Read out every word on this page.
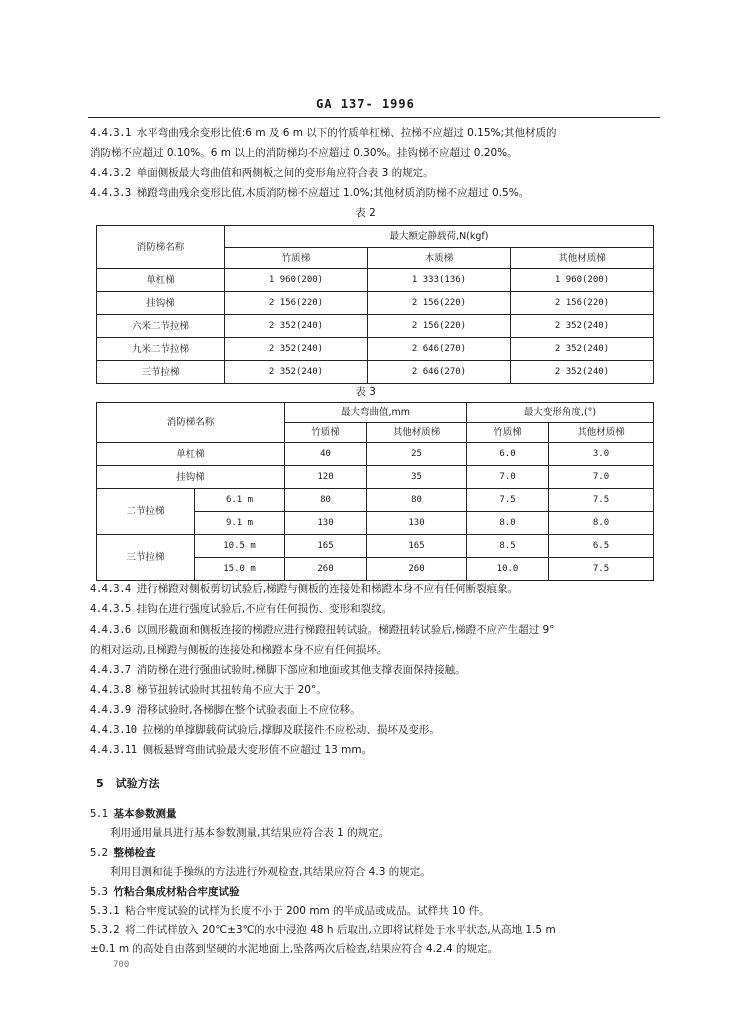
GA 137- 1996
4.4.3.1 水平弯曲残余变形比值:6 m 及 6 m 以下的竹质单杠梯、拉梯不应超过 0.15%;其他材质的
消防梯不应超过 0.10%。6 m 以上的消防梯均不应超过 0.30%。挂钩梯不应超过 0.20%。
4.4.3.2 单面侧板最大弯曲值和两侧板之间的变形角应符合表 3 的规定。
4.4.3.3 梯蹬弯曲残余变形比值,木质消防梯不应超过 1.0%;其他材质消防梯不应超过 0.5%。
表 2
消防梯名称	最大额定静载荷,N(kgf)		
	竹质梯	木质梯	其他材质梯
单杠梯	1 960(200)	1 333(136)	1 960(200)
挂钩梯	2 156(220)	2 156(220)	2 156(220)
六米二节拉梯	2 352(240)	2 156(220)	2 352(240)
九米二节拉梯	2 352(240)	2 646(270)	2 352(240)
三节拉梯	2 352(240)	2 646(270)	2 352(240)
表 3
消防梯名称		最大弯曲值,mm		最大变形角度,(°)	
		竹质梯	其他材质梯	竹质梯	其他材质梯
单杠梯		40	25	6.0	3.0
挂钩梯		120	35	7.0	7.0
二节拉梯	6.1 m	80	80	7.5	7.5
	9.1 m	130	130	8.0	8.0
三节拉梯	10.5 m	165	165	8.5	6.5
	15.0 m	260	260	10.0	7.5
4.4.3.4 进行梯蹬对侧板剪切试验后,梯蹬与侧板的连接处和梯蹬本身不应有任何断裂痕象。
4.4.3.5 挂钩在进行强度试验后,不应有任何损伤、变形和裂纹。
4.4.3.6 以圆形截面和侧板连接的梯蹬应进行梯蹬扭转试验。梯蹬扭转试验后,梯蹬不应产生超过 9°
的相对运动,且梯蹬与侧板的连接处和梯蹬本身不应有任何损坏。
4.4.3.7 消防梯在进行强曲试验时,梯脚下部应和地面或其他支撑表面保持接触。
4.4.3.8 梯节扭转试验时其扭转角不应大于 20°。
4.4.3.9 滑移试验时,各梯脚在整个试验表面上不应位移。
4.4.3.10 拉梯的单撑脚载荷试验后,撑脚及联接件不应松动、损坏及变形。
4.4.3.11 侧板悬臂弯曲试验最大变形值不应超过 13 mm。
5 试验方法
5.1 基本参数测量
利用通用量具进行基本参数测量,其结果应符合表 1 的规定。
5.2 整梯检查
利用目测和徒手操纵的方法进行外观检查,其结果应符合 4.3 的规定。
5.3 竹粘合集成材粘合牢度试验
5.3.1 粘合牢度试验的试样为长度不小于 200 mm 的半成品或成品。试样共 10 件。
5.3.2 将二件试样放入 20℃±3℃的水中浸泡 48 h 后取出,立即将试样处于水平状态,从高地 1.5 m
±0.1 m 的高处自由落到坚硬的水泥地面上,坠落两次后检查,结果应符合 4.2.4 的规定。
700
